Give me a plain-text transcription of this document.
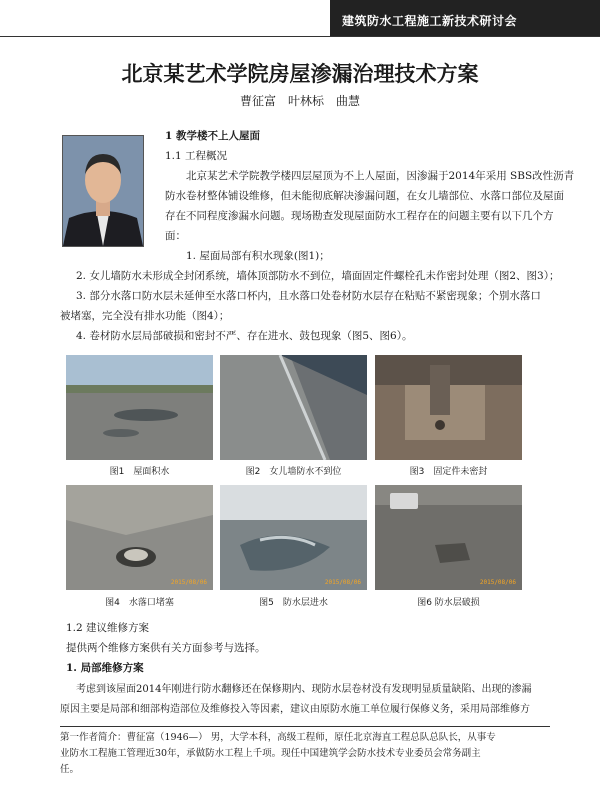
建筑防水工程施工新技术研讨会
北京某艺术学院房屋渗漏治理技术方案
曹征富　叶林标　曲慧
1 教学楼不上人屋面
1.1 工程概况
北京某艺术学院教学楼四层屋顶为不上人屋面，因渗漏于2014年采用 SBS改性沥青
防水卷材整体铺设维修，但未能彻底解决渗漏问题，在女儿墙部位、水落口部位及屋面
存在不同程度渗漏水问题。现场勘查发现屋面防水工程存在的问题主要有以下几个方
面：
1. 屋面局部有积水现象(图1)；
2. 女儿墙防水未形成全封闭系统，墙体顶部防水不到位，墙面固定件螺栓孔未作密封处理（图2、图3）；
3. 部分水落口防水层未延伸至水落口杯内，且水落口处卷材防水层存在粘贴不紧密现象；个别水落口
被堵塞，完全没有排水功能（图4）；
4. 卷材防水层局部破损和密封不严、存在进水、鼓包现象（图5、图6）。
图1　屋面积水	图2　女儿墙防水不到位	图3　固定件未密封
2015/08/06	2015/08/06	2015/08/06
图4　水落口堵塞	图5　防水层进水	图6 防水层破损
1.2 建议维修方案
提供两个维修方案供有关方面参考与选择。
1. 局部维修方案
考虑到该屋面2014年刚进行防水翻修还在保修期内、现防水层卷材没有发现明显质量缺陷、出现的渗漏
原因主要是局部和细部构造部位及维修投入等因素，建议由原防水施工单位履行保修义务，采用局部维修方
第一作者简介：曹征富（1946—） 男，大学本科，高级工程师，原任北京海直工程总队总队长，从事专
业防水工程施工管理近30年，承做防水工程上千项。现任中国建筑学会防水技术专业委员会常务副主
任。
